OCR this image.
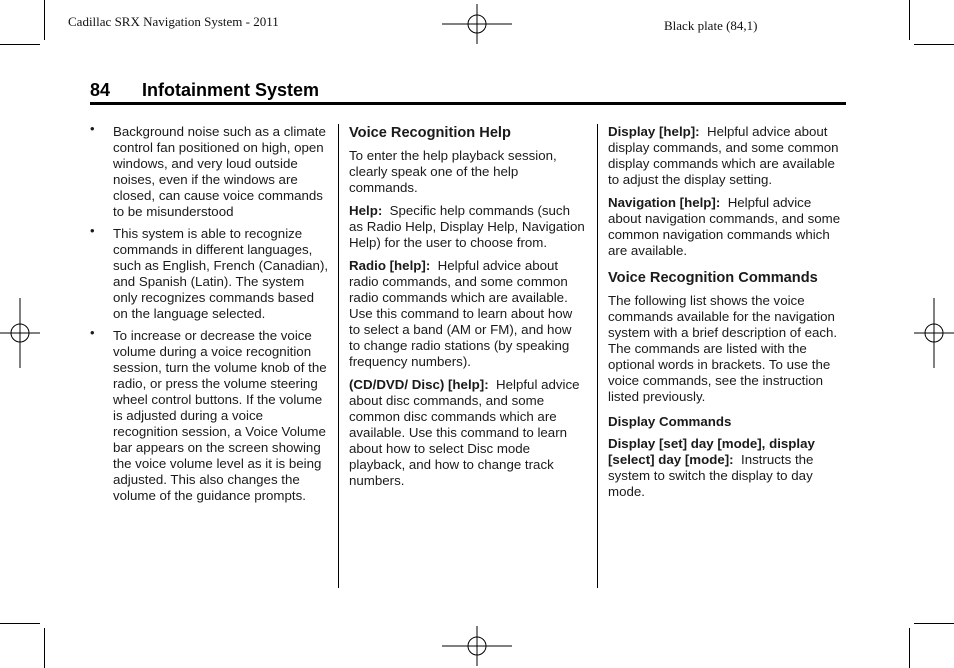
Cadillac SRX Navigation System - 2011	Black plate (84,1)
84 Infotainment System
• Background noise such as a climate control fan positioned on high, open windows, and very loud outside noises, even if the windows are closed, can cause voice commands to be misunderstood
• This system is able to recognize commands in different languages, such as English, French (Canadian), and Spanish (Latin). The system only recognizes commands based on the language selected.
• To increase or decrease the voice volume during a voice recognition session, turn the volume knob of the radio, or press the volume steering wheel control buttons. If the volume is adjusted during a voice recognition session, a Voice Volume bar appears on the screen showing the voice volume level as it is being adjusted. This also changes the volume of the guidance prompts.
Voice Recognition Help

To enter the help playback session, clearly speak one of the help commands.

Help: Specific help commands (such as Radio Help, Display Help, Navigation Help) for the user to choose from.

Radio [help]: Helpful advice about radio commands, and some common radio commands which are available. Use this command to learn about how to select a band (AM or FM), and how to change radio stations (by speaking frequency numbers).

(CD/DVD/ Disc) [help]: Helpful advice about disc commands, and some common disc commands which are available. Use this command to learn about how to select Disc mode playback, and how to change track numbers.

Display [help]: Helpful advice about display commands, and some common display commands which are available to adjust the display setting.

Navigation [help]: Helpful advice about navigation commands, and some common navigation commands which are available.

Voice Recognition Commands

The following list shows the voice commands available for the navigation system with a brief description of each. The commands are listed with the optional words in brackets. To use the voice commands, see the instruction listed previously.

Display Commands

Display [set] day [mode], display [select] day [mode]: Instructs the system to switch the display to day mode.
